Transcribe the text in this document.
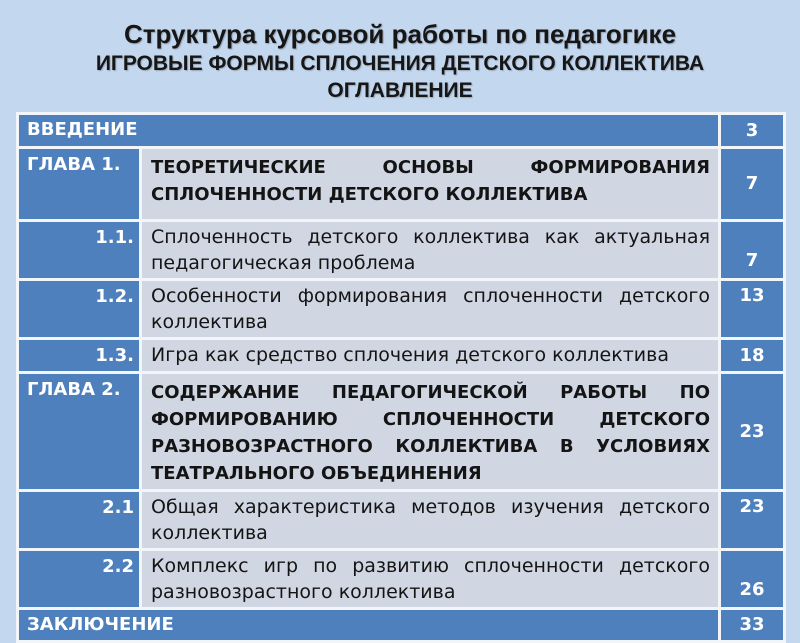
Структура курсовой работы по педагогике
ИГРОВЫЕ ФОРМЫ СПЛОЧЕНИЯ ДЕТСКОГО КОЛЛЕКТИВА
ОГЛАВЛЕНИЕ
ВВЕДЕНИЕ		3
ГЛАВА 1.	ТЕОРЕТИЧЕСКИЕ ОСНОВЫ ФОРМИРОВАНИЯ СПЛОЧЕННОСТИ ДЕТСКОГО КОЛЛЕКТИВА	7
1.1.	Сплоченность детского коллектива как актуальная педагогическая проблема	7
1.2.	Особенности формирования сплоченности детского коллектива	13
1.3.	Игра как средство сплочения детского коллектива	18
ГЛАВА 2.	СОДЕРЖАНИЕ ПЕДАГОГИЧЕСКОЙ РАБОТЫ ПО ФОРМИРОВАНИЮ СПЛОЧЕННОСТИ ДЕТСКОГО РАЗНОВОЗРАСТНОГО КОЛЛЕКТИВА В УСЛОВИЯХ ТЕАТРАЛЬНОГО ОБЪЕДИНЕНИЯ	23
2.1	Общая характеристика методов изучения детского коллектива	23
2.2	Комплекс игр по развитию сплоченности детского разновозрастного коллектива	26
ЗАКЛЮЧЕНИЕ		33
